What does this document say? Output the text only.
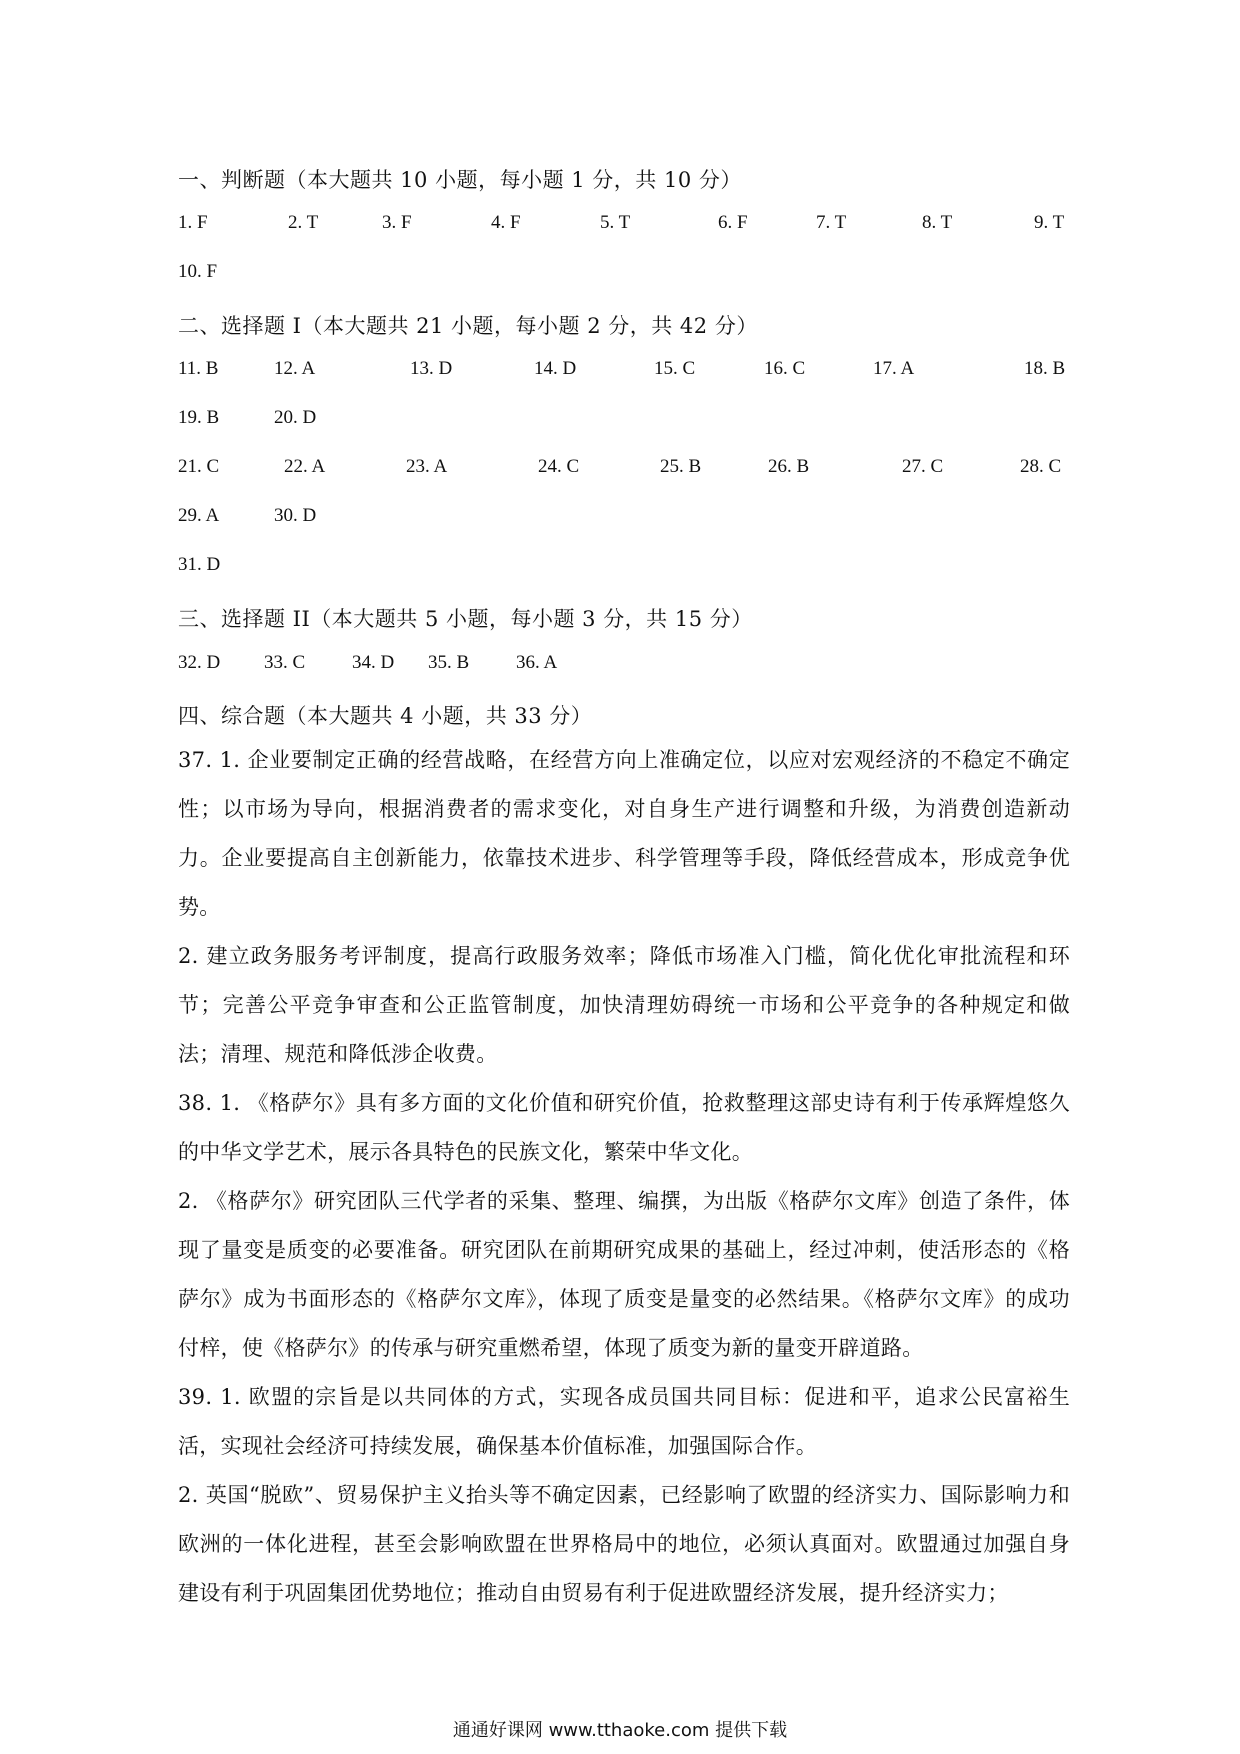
一、判断题（本大题共 10 小题，每小题 1 分，共 10 分）
1. F	2. T	3. F	4. F	5. T	6. F	7. T	8. T	9. T
10. F
二、选择题 I（本大题共 21 小题，每小题 2 分，共 42 分）
11. B	12. A	13. D	14. D	15. C	16. C	17. A	18. B
19. B	20. D
21. C	22. A	23. A	24. C	25. B	26. B	27. C	28. C
29. A	30. D
31. D
三、选择题 II（本大题共 5 小题，每小题 3 分，共 15 分）
32. D 33. C 34. D 35. B 36. A
四、综合题（本大题共 4 小题，共 33 分）
37. 1. 企业要制定正确的经营战略，在经营方向上准确定位，以应对宏观经济的不稳定不确定性；以市场为导向，根据消费者的需求变化，对自身生产进行调整和升级，为消费创造新动力。企业要提高自主创新能力，依靠技术进步、科学管理等手段，降低经营成本，形成竞争优势。
2. 建立政务服务考评制度，提高行政服务效率；降低市场准入门槛，简化优化审批流程和环节；完善公平竞争审查和公正监管制度，加快清理妨碍统一市场和公平竞争的各种规定和做法；清理、规范和降低涉企收费。
38. 1. 《格萨尔》具有多方面的文化价值和研究价值，抢救整理这部史诗有利于传承辉煌悠久的中华文学艺术，展示各具特色的民族文化，繁荣中华文化。
2. 《格萨尔》研究团队三代学者的采集、整理、编撰，为出版《格萨尔文库》创造了条件，体现了量变是质变的必要准备。研究团队在前期研究成果的基础上，经过冲刺，使活形态的《格萨尔》成为书面形态的《格萨尔文库》，体现了质变是量变的必然结果。《格萨尔文库》的成功付梓，使《格萨尔》的传承与研究重燃希望，体现了质变为新的量变开辟道路。
39. 1. 欧盟的宗旨是以共同体的方式，实现各成员国共同目标：促进和平，追求公民富裕生活，实现社会经济可持续发展，确保基本价值标准，加强国际合作。
2. 英国“脱欧”、贸易保护主义抬头等不确定因素，已经影响了欧盟的经济实力、国际影响力和欧洲的一体化进程，甚至会影响欧盟在世界格局中的地位，必须认真面对。欧盟通过加强自身建设有利于巩固集团优势地位；推动自由贸易有利于促进欧盟经济发展，提升经济实力；
通通好课网 www.tthaoke.com 提供下载
